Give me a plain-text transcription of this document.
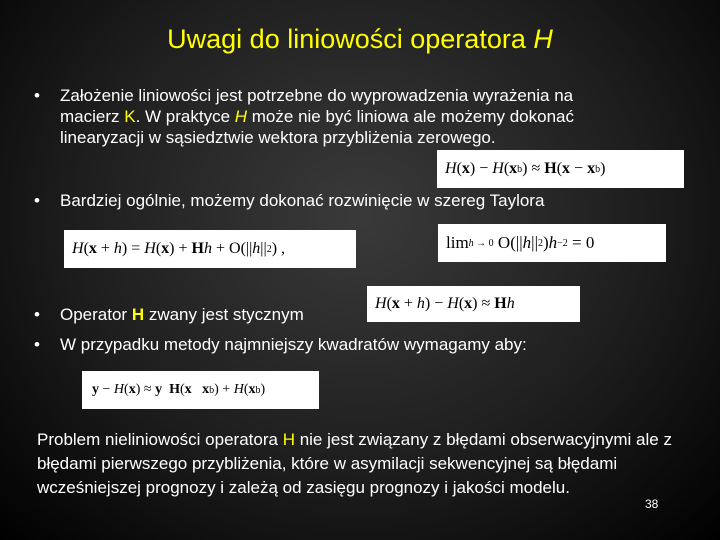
Uwagi do liniowości operatora H
• Założenie liniowości jest potrzebne do wyprowadzenia wyrażenia na
macierz K. W praktyce H może nie być liniowa ale możemy dokonać
linearyzacji w sąsiedztwie wektora przybliżenia zerowego.
H ( x ) − H ( x b ) ≈ H ( x − x b )
• Bardziej ogólnie, możemy dokonać rozwinięcie w szereg Taylora
H ( x + h ) = H ( x ) + H h + O(|| h || 2 ) ,	lim h → 0 O(|| h || 2 ) h −2 = 0
• Operator H zwany jest stycznym
H ( x + h ) − H ( x ) ≈ H h
• W przypadku metody najmniejszy kwadratów wymagamy aby:
y − H ( x ) ≈ y
H ( x
x b ) + H ( x b )
Problem nieliniowości operatora H nie jest związany z błędami obserwacyjnymi ale z błędami pierwszego przybliżenia, które w asymilacji sekwencyjnej są błędami wcześniejszej prognozy i zależą od zasięgu prognozy i jakości modelu.
38
